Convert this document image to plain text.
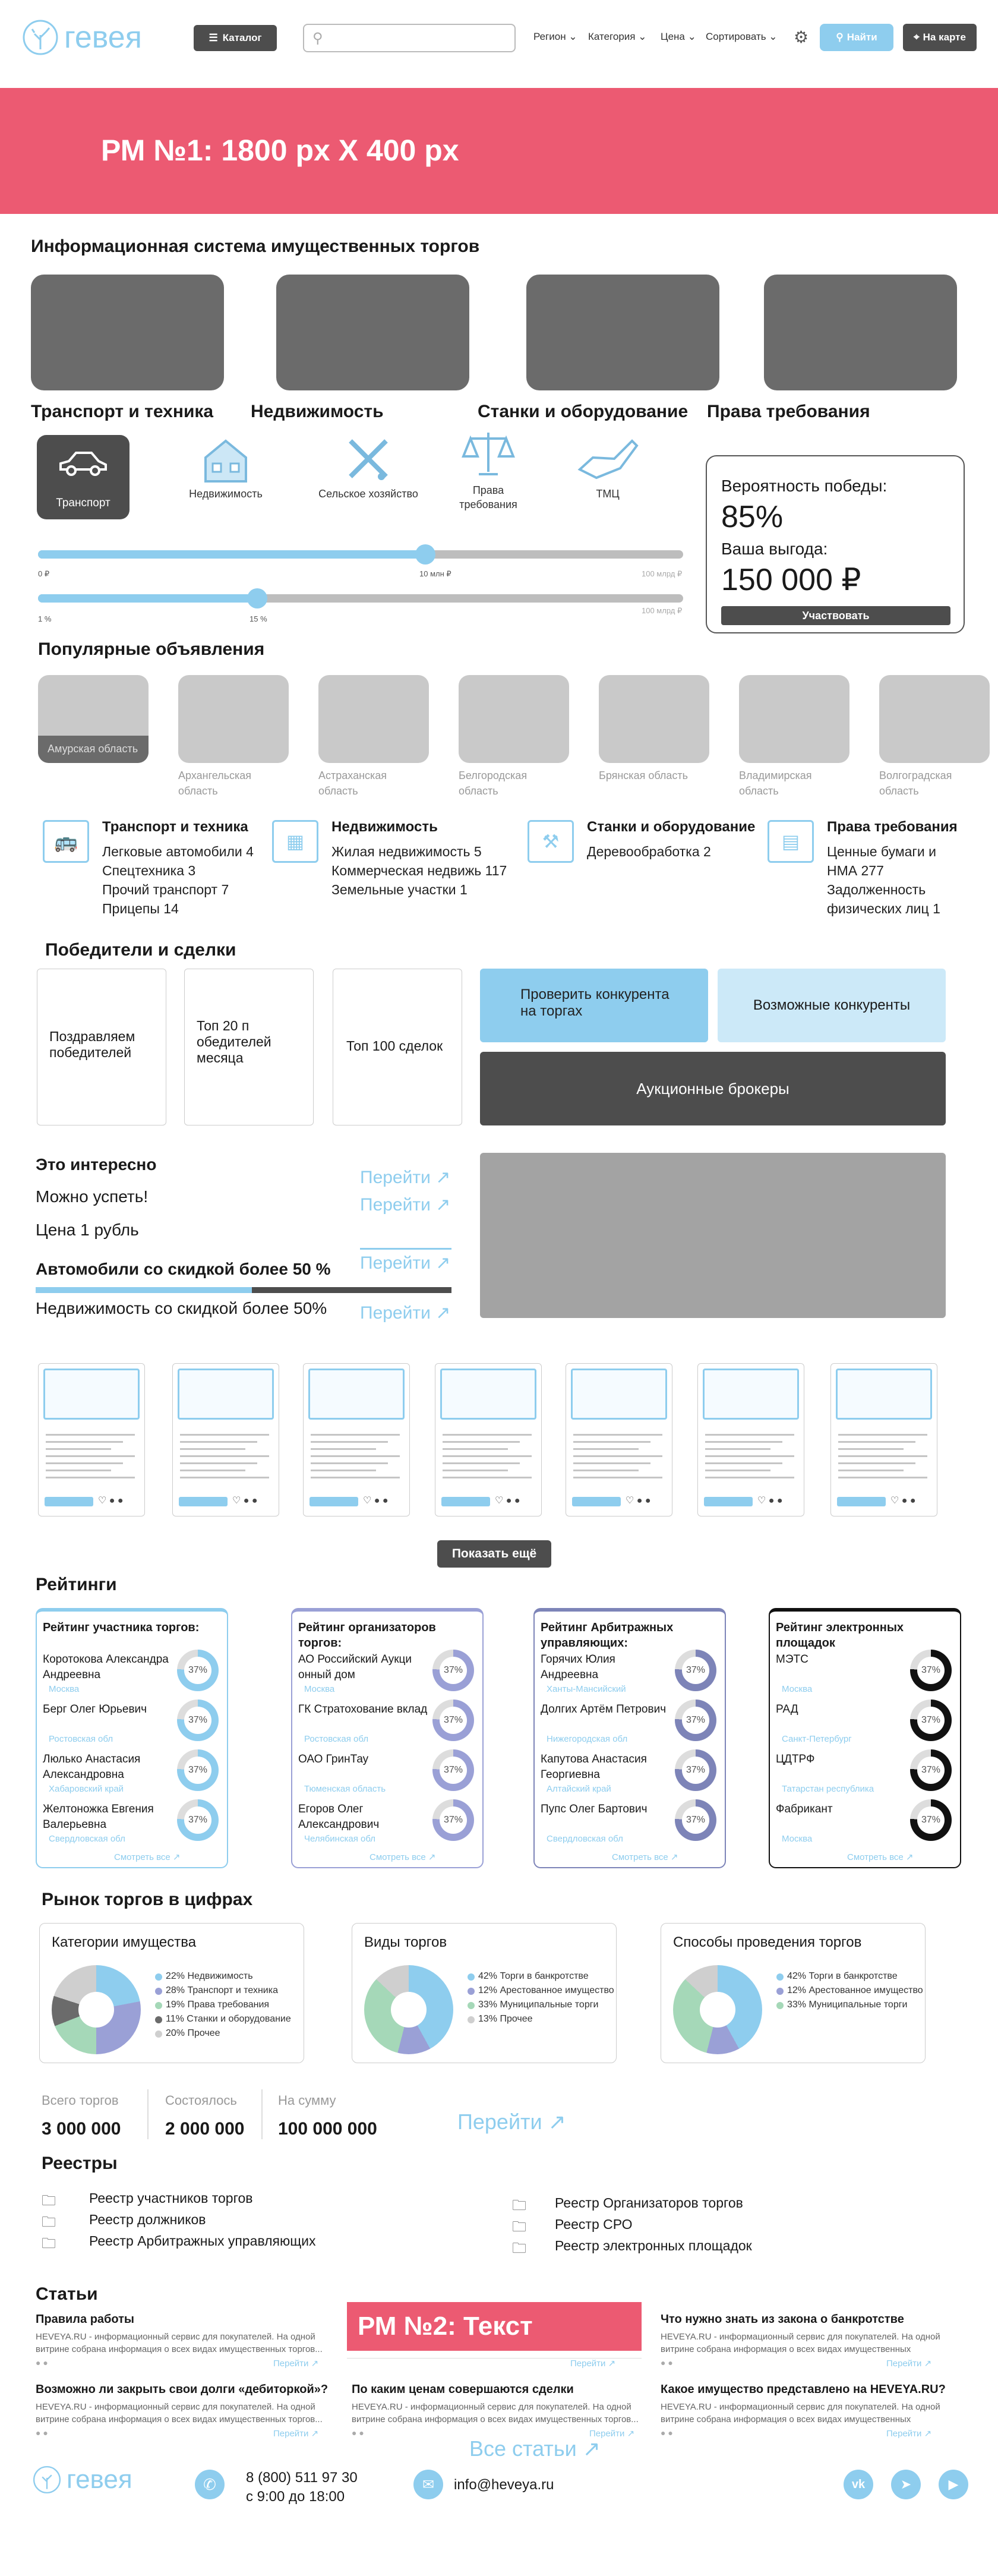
гевея	☰ Каталог	⚲	Регион ⌄ Категория ⌄ Цена ⌄ Сортировать ⌄ ⚙	⚲ Найти	⌖ На карте
РМ №1: 1800 px X 400 px
Информационная система имущественных торгов
Транспорт и техника Недвижимость	Станки и оборудование Права требования
Транспорт
Недвижимость	Сельское хозяйство	Права требования
ТМЦ
0 ₽	10 млн ₽	100 млрд ₽
1 %	15 %
100 млрд ₽
Вероятность победы:
85%
Ваша выгода:
150 000 ₽
Участвовать
Популярные объявления
Амурская область
Архангельская область
Астраханская область
Белгородская область
Брянская область	Владимирская область
Волгоградская область
🚌
Транспорт и техника
Легковые автомобили 4
Спецтехника 3
Прочий транспорт 7
Прицепы 14
▦
Недвижимость
Жилая недвижимость 5
Коммерческая недвижь 117
Земельные участки 1
⚒
Станки и оборудование
Деревообработка 2	▤
Права требования
Ценные бумаги и
НМА 277
Задолженность
физических лиц 1
Победители и сделки
Поздравляем победителей
Топ 20 п обедителей месяца
Топ 100 сделок
Проверить конкурента на торгах	Возможные конкуренты
Аукционные брокеры
Это интересно
Можно успеть!
Цена 1 рубль
Автомобили со скидкой более 50 %
Недвижимость со скидкой более 50%
Перейти ↗
Перейти ↗
Перейти ↗
Перейти ↗
♡ ● ●	♡ ● ●	♡ ● ●	♡ ● ●	♡ ● ●	♡ ● ●	♡ ● ●
Показать ещё
Рейтинги
Рейтинг участника торгов:
Коротокова Александра Андреевна	37%
Москва
Берг Олег Юрьевич
37%
Ростовская обл
Люлько Анастасия Александровна	37%
Хабаровский край
Желтоножка Евгения Валерьевна	37%
Свердловская обл
Смотреть все ↗
Рейтинг организаторов торгов:
АО Российский Аукци онный дом	37%
Москва
ГК Стратохование вклад
37%
Ростовская обл
ОАО ГринТау
37%
Тюменская область
Егоров Олег Александрович	37%
Челябинская обл
Смотреть все ↗
Рейтинг Арбитражных управляющих:
Горячих Юлия Андреевна	37%
Ханты-Мансийский
Долгих Артём Петрович
37%
Нижегородская обл
Капутова Анастасия Георгиевна	37%
Алтайский край
Пупс Олег Бартович
37%
Свердловская обл
Смотреть все ↗
Рейтинг электронных площадок
МЭТС
37%
Москва
РАД
37%
Санкт-Петербург
ЦДТРФ
37%
Татарстан республика
Фабрикант
37%
Москва
Смотреть все ↗
Рынок торгов в цифрах
Категории имущества
22% Недвижимость
28% Транспорт и техника
19% Права требования
11% Станки и оборудование
20% Прочее
Виды торгов
42% Торги в банкротстве
12% Арестованное имущество
33% Муниципальные торги
13% Прочее
Способы проведения торгов
42% Торги в банкротстве
12% Арестованное имущество
33% Муниципальные торги
Всего торгов
3 000 000
Состоялось
2 000 000
На сумму
100 000 000	Перейти ↗
Реестры
🗀 Реестр участников торгов
🗀 Реестр должников
🗀 Реестр Арбитражных управляющих
🗀 Реестр Организаторов торгов
🗀 Реестр СРО
🗀 Реестр электронных площадок
Статьи
Правила работы
HEVEYA.RU - информационный сервис для покупателей. На одной витрине собрана информация о всех видах имущественных торгов...
● ●	Перейти ↗
Что нужно знать из закона о банкротстве
HEVEYA.RU - информационный сервис для покупателей. На одной витрине собрана информация о всех видах имущественных
● ●	Перейти ↗
Возможно ли закрыть свои долги «дебиторкой»?
HEVEYA.RU - информационный сервис для покупателей. На одной витрине собрана информация о всех видах имущественных торгов...
● ●	Перейти ↗
По каким ценам совершаются сделки
HEVEYA.RU - информационный сервис для покупателей. На одной витрине собрана информация о всех видах имущественных торгов...
● ●	Перейти ↗
Какое имущество представлено на HEVEYA.RU?
HEVEYA.RU - информационный сервис для покупателей. На одной витрине собрана информация о всех видах имущественных
● ●	Перейти ↗
Перейти ↗
РМ №2: Текст
Все статьи ↗
гевея	✆	8 (800) 511 97 30
с 9:00 до 18:00
✉	info@heveya.ru	vk	➤	▶
